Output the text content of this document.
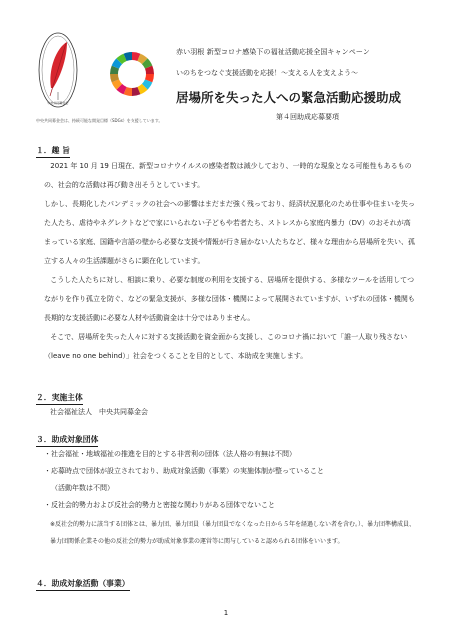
中央共同募金会
中央共同募金会は、持続可能な開発目標（SDGs）を支援しています。
赤い羽根 新型コロナ感染下の福祉活動応援全国キャンペーン
いのちをつなぐ支援活動を応援！～支える人を支えよう～
居場所を失った人への緊急活動応援助成
第４回助成応募要項
１．趣 旨

2021 年 10 月 19 日現在、新型コロナウイルスの感染者数は減少しており、一時的な現象となる可能性もあるものの、社会的な活動は再び動き出そうとしています。

しかし、長期化したパンデミックの社会への影響はまだまだ強く残っており、経済状況悪化のため仕事や住まいを失った人たち、虐待やネグレクトなどで家にいられない子どもや若者たち、ストレスから家庭内暴力（DV）のおそれが高まっている家庭、国籍や言語の壁から必要な支援や情報が行き届かない人たちなど、様々な理由から居場所を失い、孤立する人々の生活課題がさらに顕在化しています。

こうした人たちに対し、相談に乗り、必要な制度の利用を支援する、居場所を提供する、多様なツールを活用してつながりを作り孤立を防ぐ、などの緊急支援が、多様な団体・機関によって展開されていますが、いずれの団体・機関も長期的な支援活動に必要な人材や活動資金は十分ではありません。

そこで、居場所を失った人々に対する支援活動を資金面から支援し、このコロナ禍において「誰一人取り残さない（leave no one behind）」社会をつくることを目的として、本助成を実施します。

２．実施主体
社会福祉法人　中央共同募金会
３．助成対象団体

・社会福祉・地域福祉の推進を目的とする非営利の団体（法人格の有無は不問）

・応募時点で団体が設立されており、助成対象活動（事業）の実施体制が整っていること

（活動年数は不問）

・反社会的勢力および反社会的勢力と密接な関わりがある団体でないこと

※反社会的勢力に該当する団体とは、暴力団、暴力団員（暴力団員でなくなった日から５年を経過しない者を含む。）、暴力団準構成員、暴力団関係企業その他の反社会的勢力が助成対象事業の運営等に関与していると認められる団体をいいます。
４．助成対象活動（事業）
1
